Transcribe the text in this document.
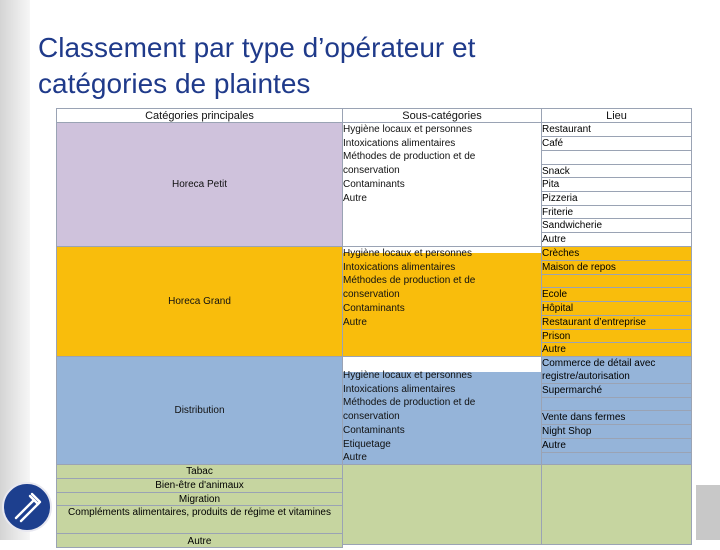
Classement par type d’opérateur et
catégories de plaintes
Catégories principales	Sous-catégories	Lieu
Horeca Petit
Hygiène locaux et personnes
Intoxications alimentaires
Méthodes de production et de
conservation
Contaminants
Autre
Horeca Grand
Hygiène locaux et personnes
Intoxications alimentaires
Méthodes de production et de
conservation
Contaminants
Autre
Distribution
Hygiène locaux et personnes
Intoxications alimentaires
Méthodes de production et de
conservation
Contaminants
Etiquetage
Autre
Restaurant
Café
Snack
Pita
Pizzeria
Friterie
Sandwicherie
Autre
Crèches
Maison de repos
Ecole
Hôpital
Restaurant d’entreprise
Prison
Autre
Commerce de détail avec registre/autorisation
Supermarché
Vente dans fermes
Night Shop
Autre
Tabac
Bien-être d'animaux
Migration
Compléments alimentaires, produits de régime et vitamines
Autre
